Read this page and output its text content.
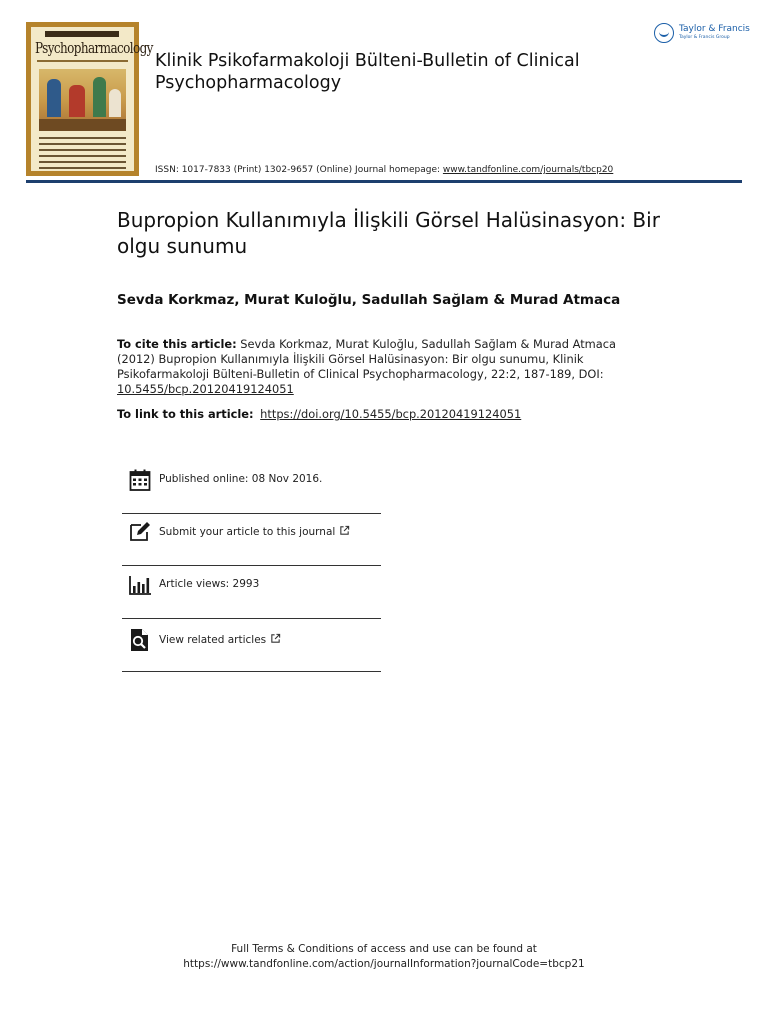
Psychopharmacology
Klinik Psikofarmakoloji Bülteni-Bulletin of Clinical Psychopharmacology
ISSN: 1017-7833 (Print) 1302-9657 (Online) Journal homepage: www.tandfonline.com/journals/tbcp20
Taylor & Francis
Taylor & Francis Group
Bupropion Kullanımıyla İlişkili Görsel Halüsinasyon: Bir olgu sunumu
Sevda Korkmaz, Murat Kuloğlu, Sadullah Sağlam & Murad Atmaca
To cite this article: Sevda Korkmaz, Murat Kuloğlu, Sadullah Sağlam & Murad Atmaca (2012) Bupropion Kullanımıyla İlişkili Görsel Halüsinasyon: Bir olgu sunumu, Klinik Psikofarmakoloji Bülteni-Bulletin of Clinical Psychopharmacology, 22:2, 187-189, DOI: 10.5455/bcp.20120419124051
To link to this article: https://doi.org/10.5455/bcp.20120419124051
Published online: 08 Nov 2016.
Submit your article to this journal
Article views: 2993
View related articles
Full Terms & Conditions of access and use can be found at
https://www.tandfonline.com/action/journalInformation?journalCode=tbcp21
